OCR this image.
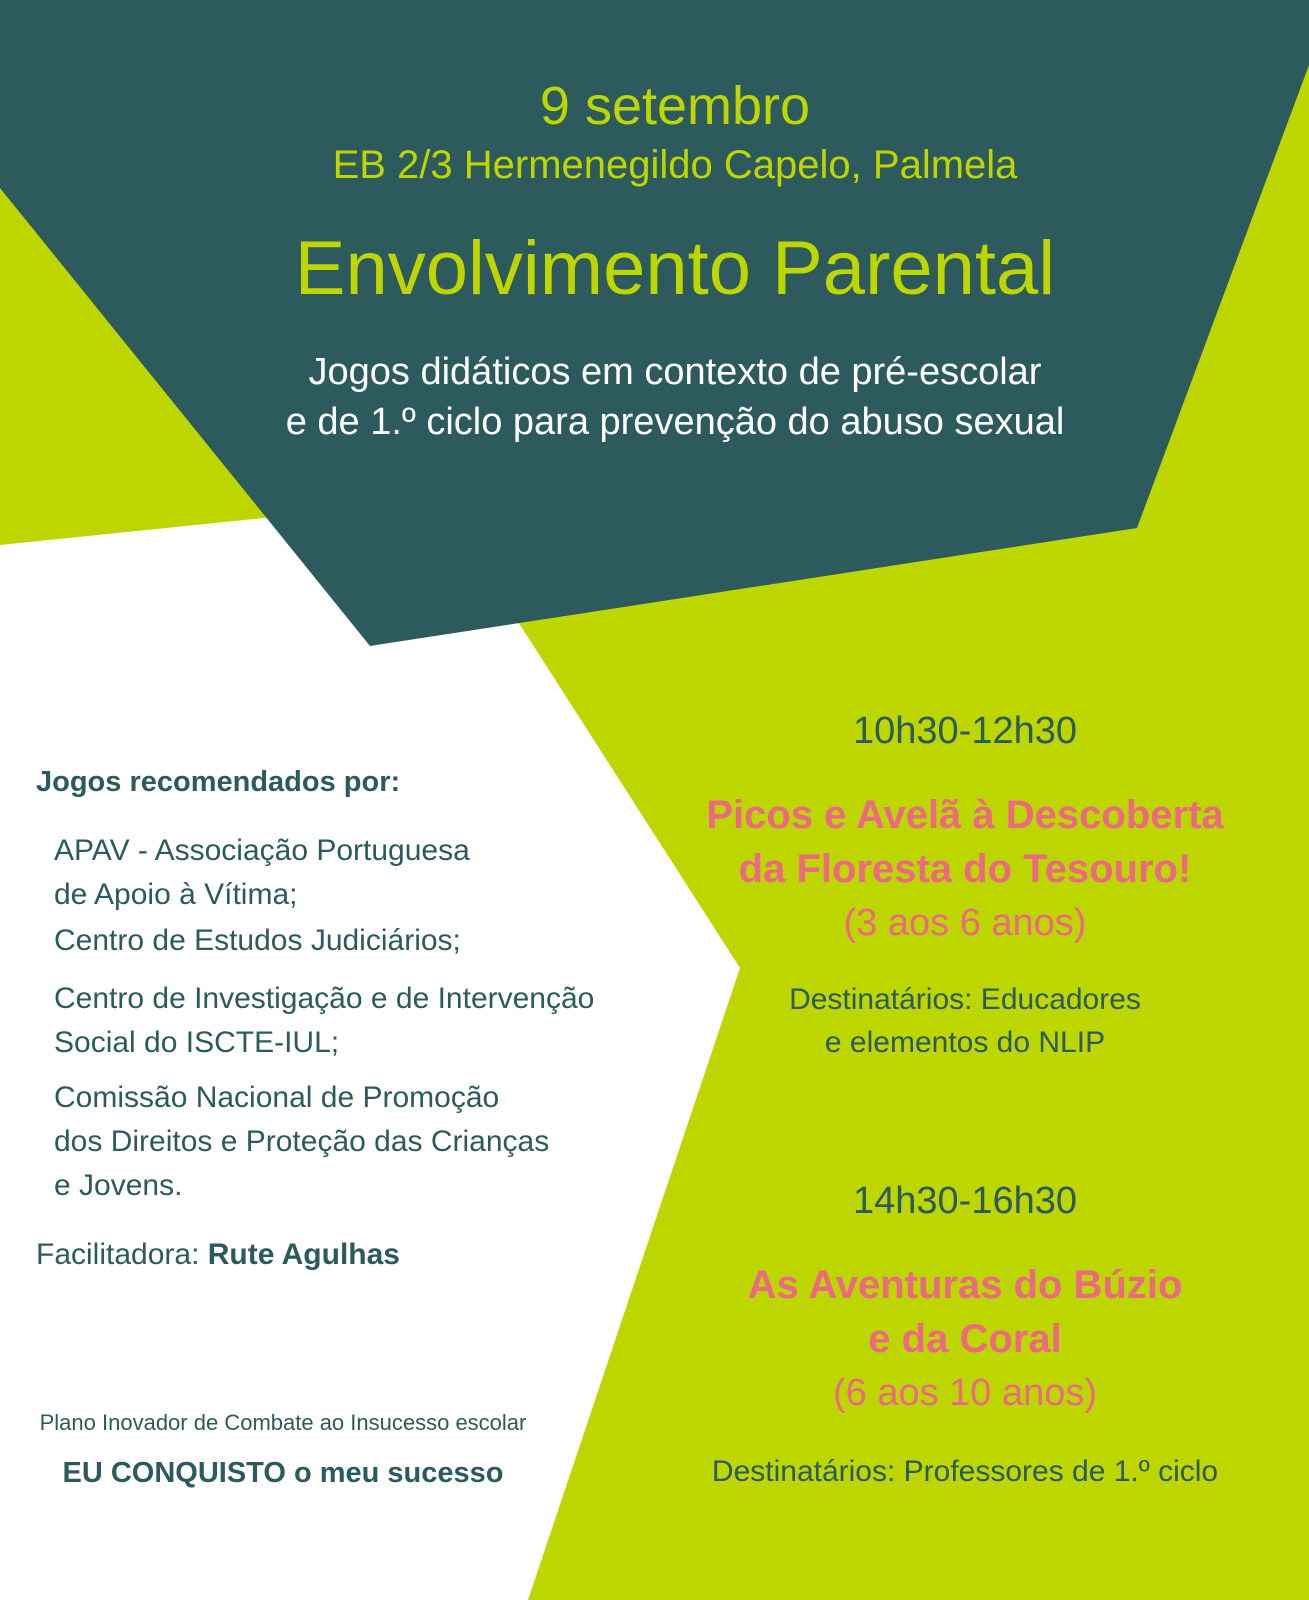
9 setembro
EB 2/3 Hermenegildo Capelo, Palmela
Envolvimento Parental
Jogos didáticos em contexto de pré-escolar
e de 1.º ciclo para prevenção do abuso sexual
Jogos recomendados por:
APAV - Associação Portuguesa
de Apoio à Vítima;
Centro de Estudos Judiciários;
Centro de Investigação e de Intervenção
Social do ISCTE-IUL;
Comissão Nacional de Promoção
dos Direitos e Proteção das Crianças
e Jovens.
Facilitadora: Rute Agulhas
Plano Inovador de Combate ao Insucesso escolar
EU CONQUISTO o meu sucesso
10h30-12h30
Picos e Avelã à Descoberta
da Floresta do Tesouro!
(3 aos 6 anos)
Destinatários: Educadores
e elementos do NLIP
14h30-16h30
As Aventuras do Búzio
e da Coral
(6 aos 10 anos)
Destinatários: Professores de 1.º ciclo
